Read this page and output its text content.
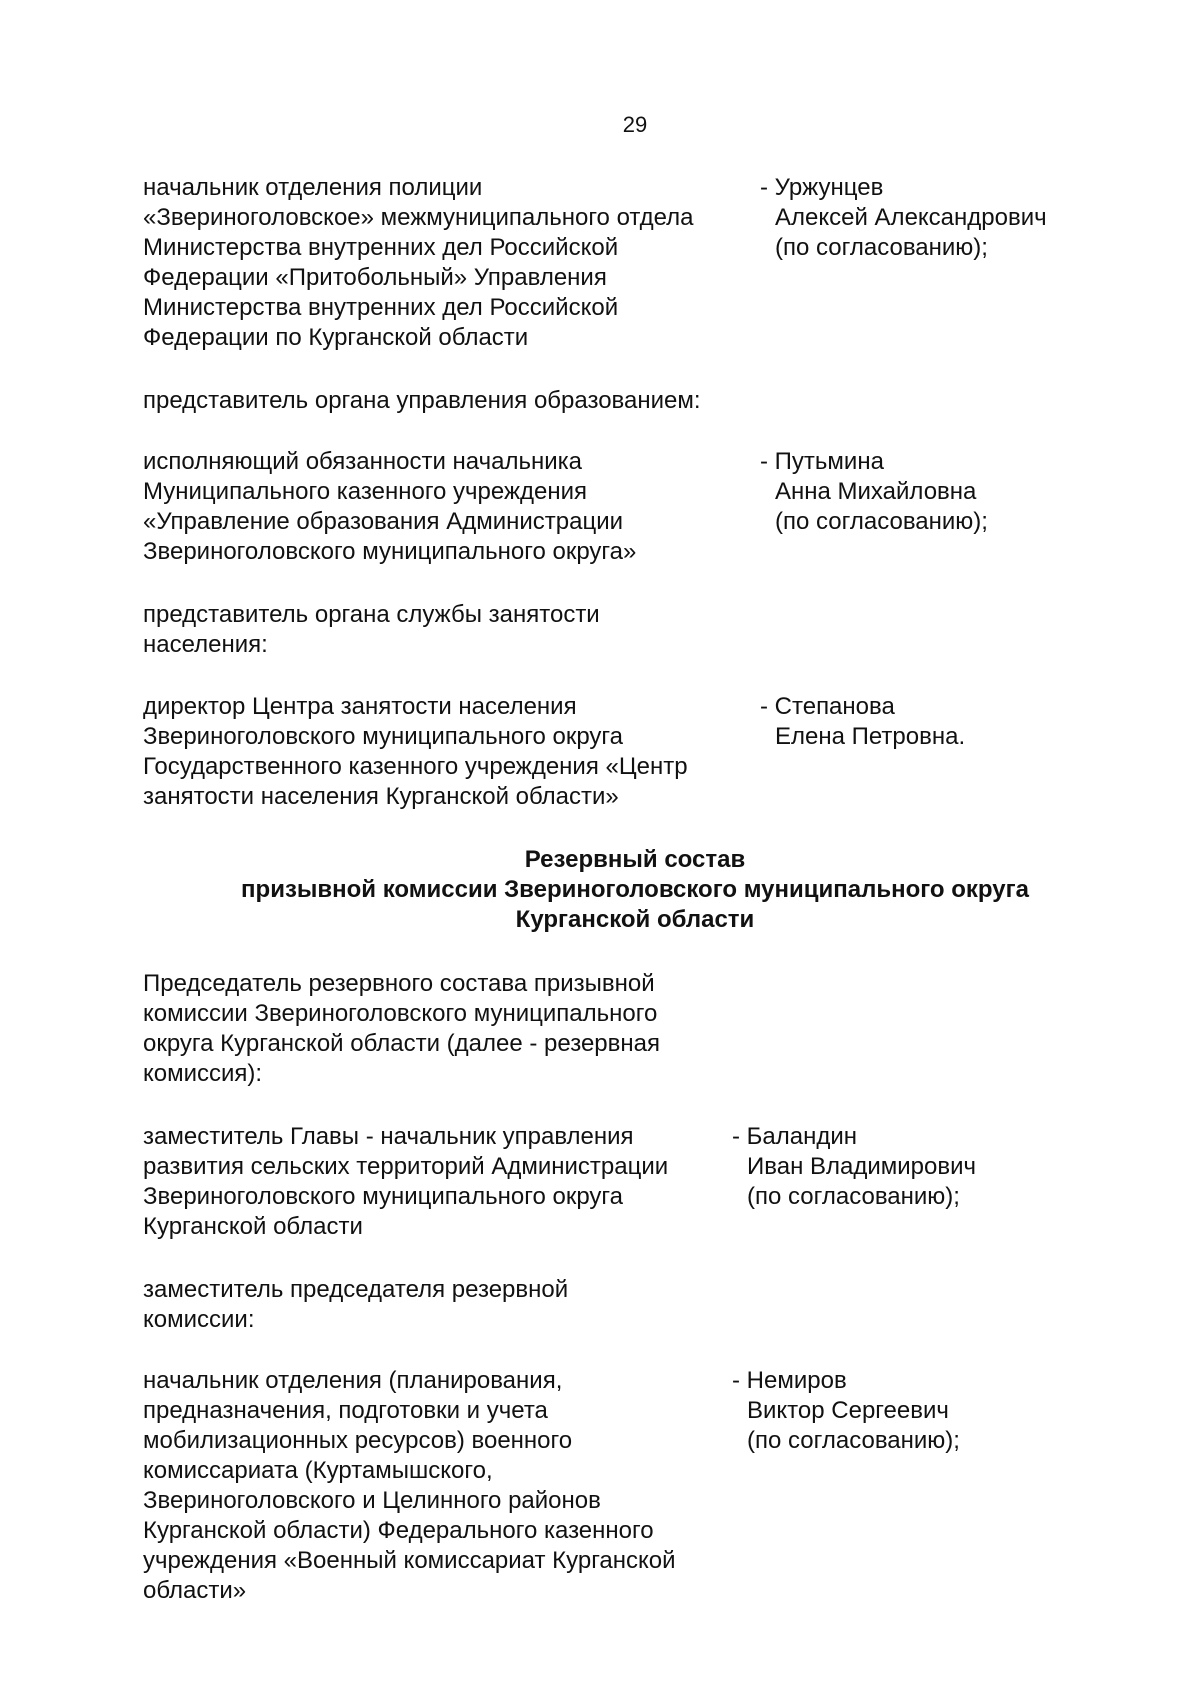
29
начальник отделения полиции
«Звериноголовское» межмуниципального отдела
Министерства внутренних дел Российской
Федерации «Притобольный» Управления
Министерства внутренних дел Российской
Федерации по Курганской области
- Уржунцев
Алексей Александрович
(по согласованию);
представитель органа управления образованием:
исполняющий обязанности начальника
Муниципального казенного учреждения
«Управление образования Администрации
Звериноголовского муниципального округа»
- Путьмина
Анна Михайловна
(по согласованию);
представитель органа службы занятости
населения:
директор Центра занятости населения
Звериноголовского муниципального округа
Государственного казенного учреждения «Центр
занятости населения Курганской области»
- Степанова
Елена Петровна.
Резервный состав
призывной комиссии Звериноголовского муниципального округа
Курганской области
Председатель резервного состава призывной
комиссии Звериноголовского муниципального
округа Курганской области (далее - резервная
комиссия):
заместитель Главы - начальник управления
развития сельских территорий Администрации
Звериноголовского муниципального округа
Курганской области
- Баландин
Иван Владимирович
(по согласованию);
заместитель председателя резервной
комиссии:
начальник отделения (планирования,
предназначения, подготовки и учета
мобилизационных ресурсов) военного
комиссариата (Куртамышского,
Звериноголовского и Целинного районов
Курганской области) Федерального казенного
учреждения «Военный комиссариат Курганской
области»
- Немиров
Виктор Сергеевич
(по согласованию);
